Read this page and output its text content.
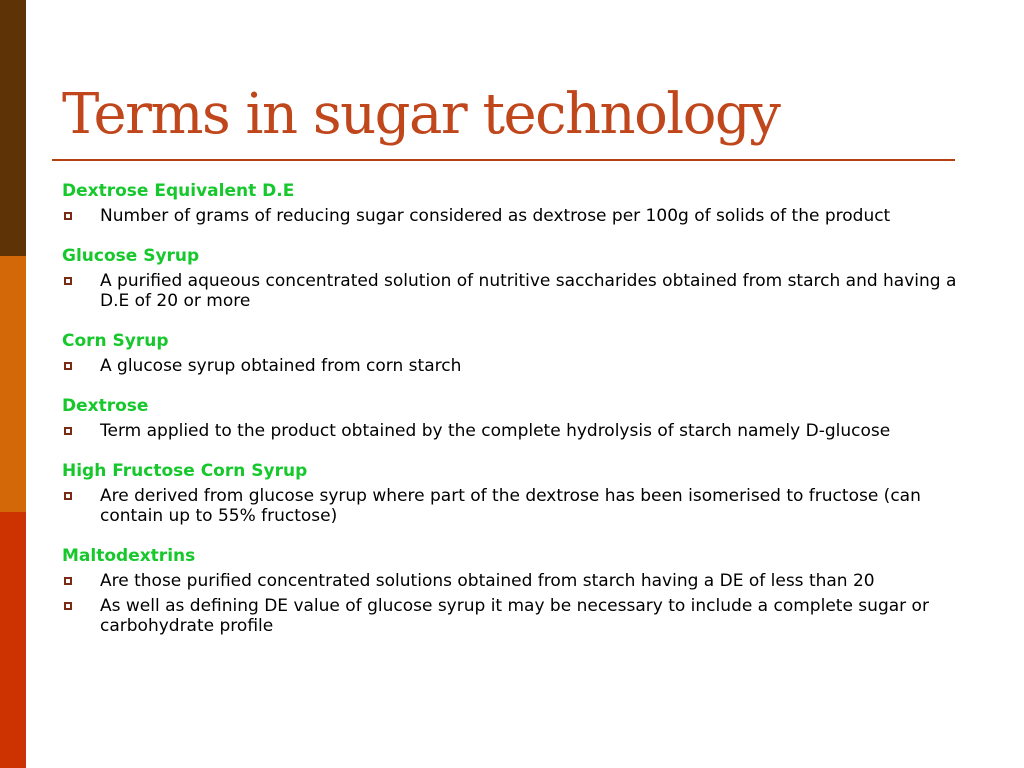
Terms in sugar technology
Dextrose Equivalent D.E
Number of grams of reducing sugar considered as dextrose per 100g of solids of the product
Glucose Syrup
A purified aqueous concentrated solution of nutritive saccharides obtained from starch and having a D.E of 20 or more
Corn Syrup
A glucose syrup obtained from corn starch
Dextrose
Term applied to the product obtained by the complete hydrolysis of starch namely D-glucose
High Fructose Corn Syrup
Are derived from glucose syrup where part of the dextrose has been isomerised to fructose (can contain up to 55% fructose)
Maltodextrins
Are those purified concentrated solutions obtained from starch having a DE of less than 20
As well as defining DE value of glucose syrup it may be necessary to include a complete sugar or carbohydrate profile
